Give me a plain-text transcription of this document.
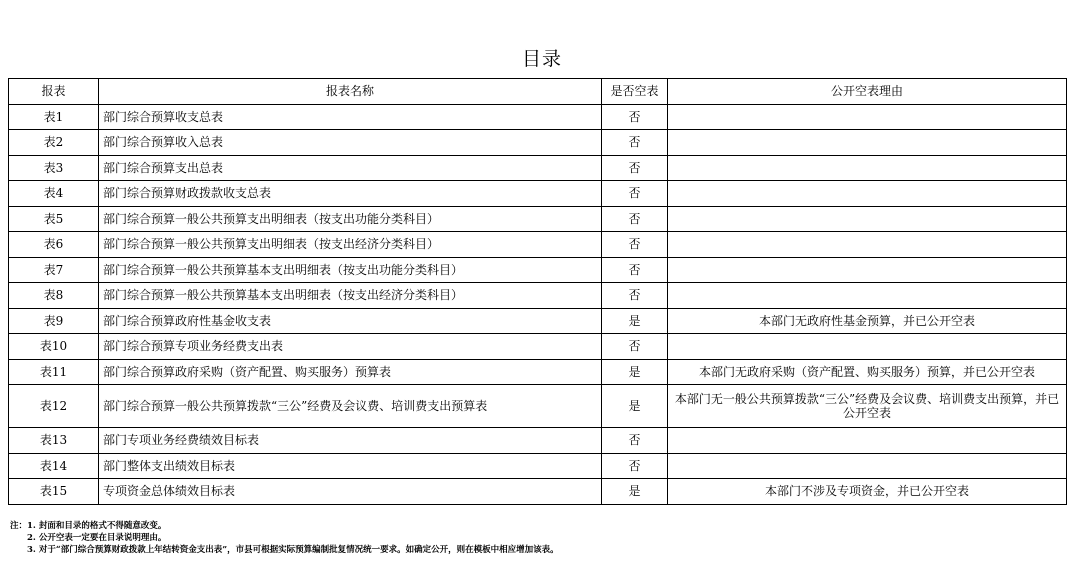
目录
报表	报表名称	是否空表	公开空表理由
表1	部门综合预算收支总表	否	
表2	部门综合预算收入总表	否	
表3	部门综合预算支出总表	否	
表4	部门综合预算财政拨款收支总表	否	
表5	部门综合预算一般公共预算支出明细表（按支出功能分类科目）	否	
表6	部门综合预算一般公共预算支出明细表（按支出经济分类科目）	否	
表7	部门综合预算一般公共预算基本支出明细表（按支出功能分类科目）	否	
表8	部门综合预算一般公共预算基本支出明细表（按支出经济分类科目）	否	
表9	部门综合预算政府性基金收支表	是	本部门无政府性基金预算，并已公开空表
表10	部门综合预算专项业务经费支出表	否	
表11	部门综合预算政府采购（资产配置、购买服务）预算表	是	本部门无政府采购（资产配置、购买服务）预算，并已公开空表
表12	部门综合预算一般公共预算拨款“三公”经费及会议费、培训费支出预算表	是	本部门无一般公共预算拨款“三公”经费及会议费、培训费支出预算，并已公开空表
表13	部门专项业务经费绩效目标表	否	
表14	部门整体支出绩效目标表	否	
表15	专项资金总体绩效目标表	是	本部门不涉及专项资金，并已公开空表
注：1. 封面和目录的格式不得随意改变。
2. 公开空表一定要在目录说明理由。
3. 对于“部门综合预算财政拨款上年结转资金支出表”，市县可根据实际预算编制批复情况统一要求。如确定公开，则在模板中相应增加该表。
